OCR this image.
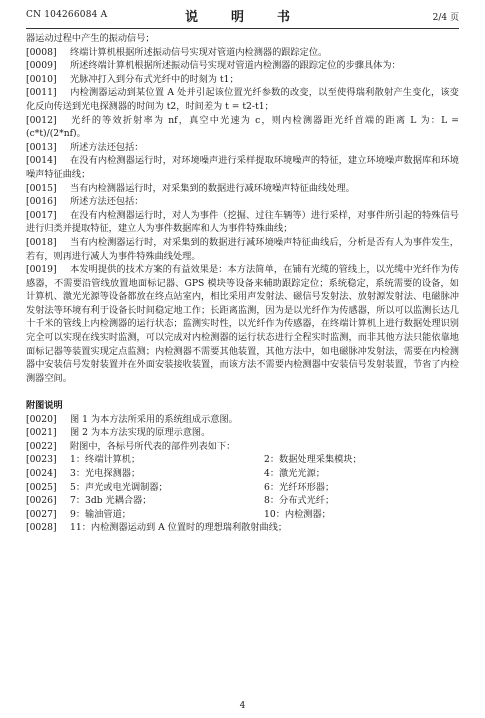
CN 104266084 A	说　明　书	2/4 页

器运动过程中产生的振动信号；

[0008] 终端计算机根据所述振动信号实现对管道内检测器的跟踪定位。

[0009] 所述终端计算机根据所述振动信号实现对管道内检测器的跟踪定位的步骤具体为：

[0010] 光脉冲打入到分布式光纤中的时刻为 t1；

[0011] 内检测器运动到某位置 A 处并引起该位置光纤参数的改变，以至使得瑞利散射产生变化，该变化反向传送到光电探测器的时间为 t2，时间差为 t = t2-t1；

[0012] 光纤的等效折射率为 nf，真空中光速为 c，则内检测器距光纤首端的距离 L 为：L = (c*t)/(2*nf)。

[0013] 所述方法还包括：

[0014] 在没有内检测器运行时，对环境噪声进行采样提取环境噪声的特征，建立环境噪声数据库和环境噪声特征曲线；

[0015] 当有内检测器运行时，对采集到的数据进行减环境噪声特征曲线处理。

[0016] 所述方法还包括：

[0017] 在没有内检测器运行时，对人为事件（挖掘、过往车辆等）进行采样，对事件所引起的特殊信号进行归类并提取特征，建立人为事件数据库和人为事件特殊曲线；

[0018] 当有内检测器运行时，对采集到的数据进行减环境噪声特征曲线后，分析是否有人为事件发生，若有，则再进行减人为事件特殊曲线处理。

[0019] 本发明提供的技术方案的有益效果是：本方法简单，在铺有光缆的管线上，以光缆中光纤作为传感器，不需要沿管线放置地面标记器、GPS 模块等设备来辅助跟踪定位；系统稳定，系统需要的设备，如计算机、激光光源等设备都放在终点站室内，相比采用声发射法、磁信号发射法、放射源发射法、电磁脉冲发射法等环境有利于设备长时间稳定地工作；长距离监测，因为是以光纤作为传感器，所以可以监测长达几十千米的管线上内检测器的运行状态；监测实时性，以光纤作为传感器，在终端计算机上进行数据处理识别完全可以实现在线实时监测，可以完成对内检测器的运行状态进行全程实时监测，而非其他方法只能依靠地面标记器等装置实现定点监测；内检测器不需要其他装置，其他方法中，如电磁脉冲发射法，需要在内检测器中安装信号发射装置并在外面安装接收装置，而该方法不需要内检测器中安装信号发射装置，节省了内检测器空间。

附图说明

[0020] 图 1 为本方法所采用的系统组成示意图。

[0021] 图 2 为本方法实现的原理示意图。

[0022] 附图中，各标号所代表的部件列表如下：

[0023]	1：终端计算机；	2：数据处理采集模块；
[0024]	3：光电探测器；	4：激光光源；
[0025]	5：声光或电光调制器；	6：光纤环形器；
[0026]	7：3db 光耦合器；	8：分布式光纤；
[0027]	9：输油管道；	10：内检测器；

[0028] 11：内检测器运动到 A 位置时的理想瑞利散射曲线；

4
